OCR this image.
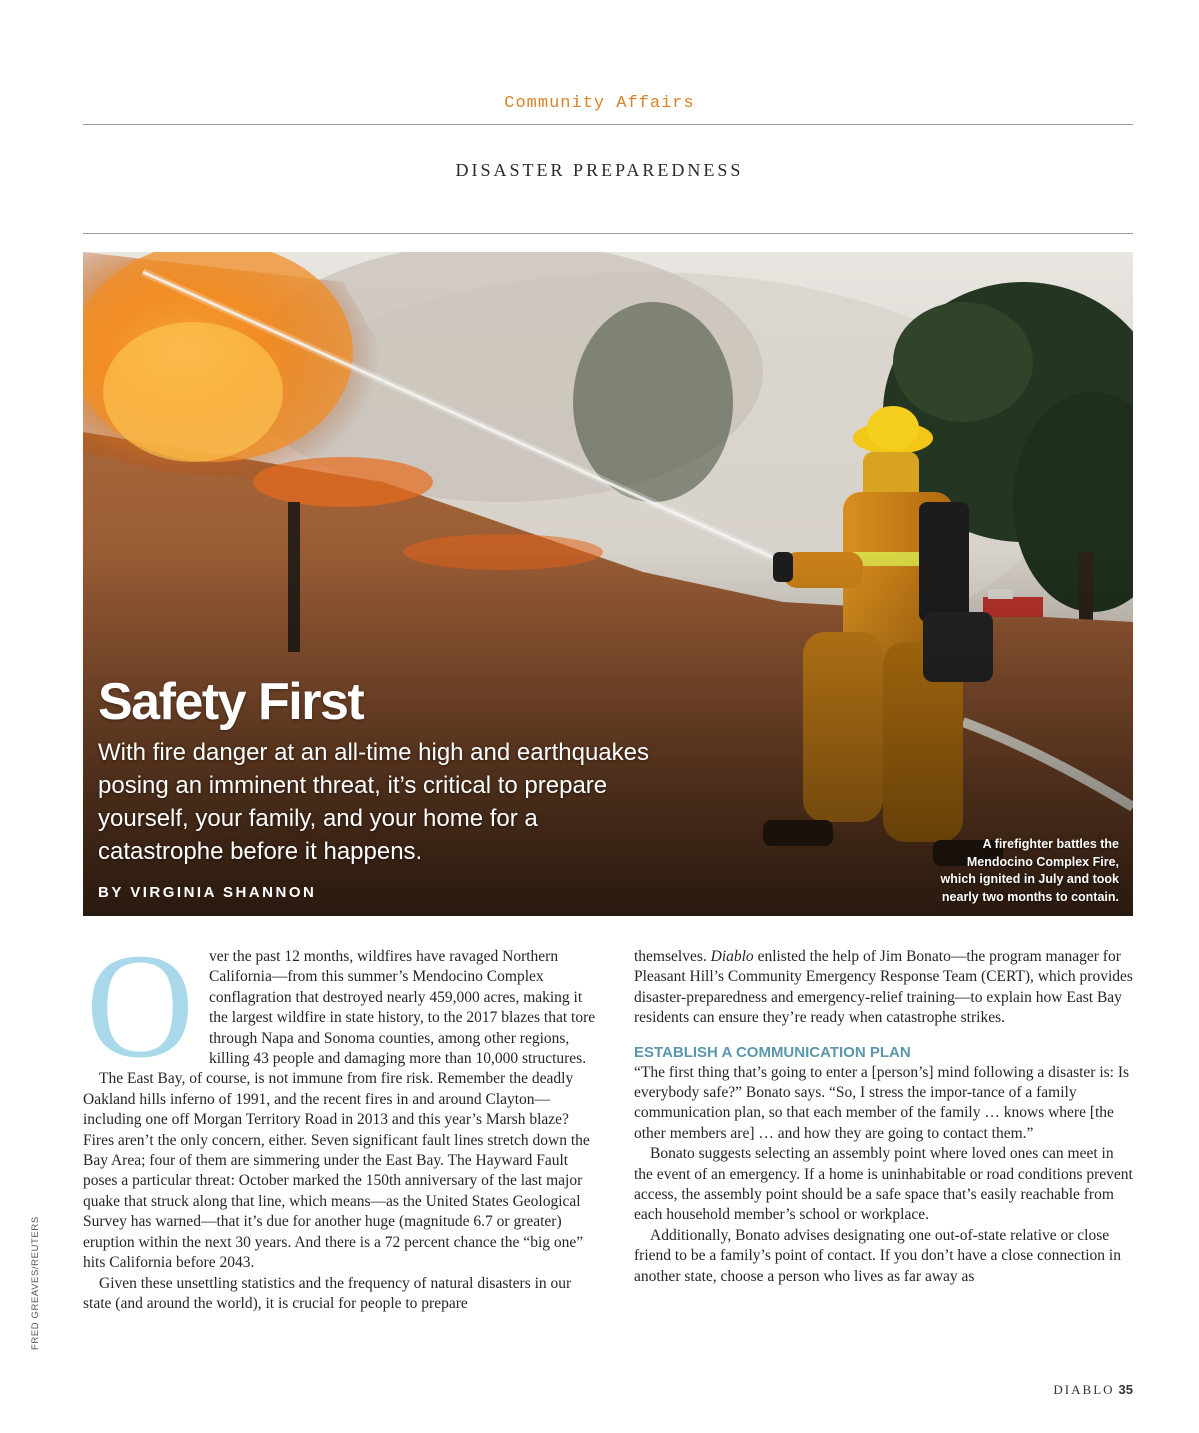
Community Affairs
DISASTER PREPAREDNESS
Safety First
With fire danger at an all-time high and earthquakes posing an imminent threat, it’s critical to prepare yourself, your family, and your home for a catastrophe before it happens.
BY VIRGINIA SHANNON
A firefighter battles the Mendocino Complex Fire, which ignited in July and took nearly two months to contain.

Over the past 12 months, wildfires have ravaged Northern California—from this summer’s Mendocino Complex conflagration that destroyed nearly 459,000 acres, making it the largest wildfire in state history, to the 2017 blazes that tore through Napa and Sonoma counties, among other regions, killing 43 people and damaging more than 10,000 structures.

The East Bay, of course, is not immune from fire risk. Remember the deadly Oakland hills inferno of 1991, and the recent fires in and around Clayton—including one off Morgan Territory Road in 2013 and this year’s Marsh blaze? Fires aren’t the only concern, either. Seven significant fault lines stretch down the Bay Area; four of them are simmering under the East Bay. The Hayward Fault poses a particular threat: October marked the 150th anniversary of the last major quake that struck along that line, which means—as the United States Geological Survey has warned—that it’s due for another huge (magnitude 6.7 or greater) eruption within the next 30 years. And there is a 72 percent chance the “big one” hits California before 2043.

Given these unsettling statistics and the frequency of natural disasters in our state (and around the world), it is crucial for people to prepare

themselves. Diablo enlisted the help of Jim Bonato—the program manager for Pleasant Hill’s Community Emergency Response Team (CERT), which provides disaster-preparedness and emergency-relief training—to explain how East Bay residents can ensure they’re ready when catastrophe strikes.

ESTABLISH A COMMUNICATION PLAN

“The first thing that’s going to enter a [person’s] mind following a disaster is: Is everybody safe?” Bonato says. “So, I stress the impor-tance of a family communication plan, so that each member of the family … knows where [the other members are] … and how they are going to contact them.”

Bonato suggests selecting an assembly point where loved ones can meet in the event of an emergency. If a home is uninhabitable or road conditions prevent access, the assembly point should be a safe space that’s easily reachable from each household member’s school or workplace.

Additionally, Bonato advises designating one out-of-state relative or close friend to be a family’s point of contact. If you don’t have a close connection in another state, choose a person who lives as far away as

FRED GREAVES/REUTERS
DIABLO 35
